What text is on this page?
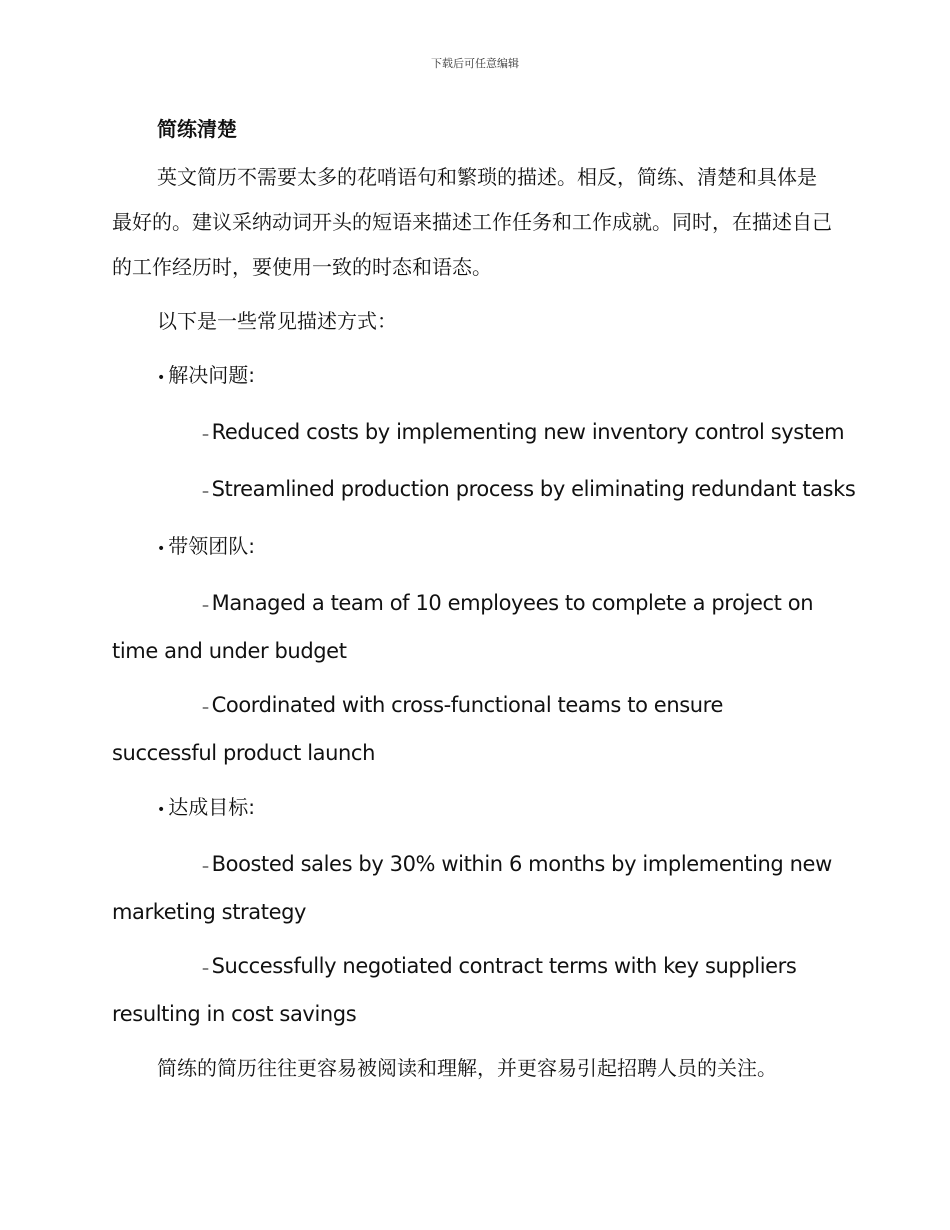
下载后可任意编辑
简练清楚

英文简历不需要太多的花哨语句和繁琐的描述。相反，简练、清楚和具体是最好的。建议采纳动词开头的短语来描述工作任务和工作成就。同时，在描述自己的工作经历时，要使用一致的时态和语态。

以下是一些常见描述方式：

• 解决问题:

– Reduced costs by implementing new inventory control system

– Streamlined production process by eliminating redundant tasks

• 带领团队:

– Managed a team of 10 employees to complete a project on time and under budget

– Coordinated with cross-functional teams to ensure successful product launch

• 达成目标:

– Boosted sales by 30% within 6 months by implementing new marketing strategy

– Successfully negotiated contract terms with key suppliers resulting in cost savings

简练的简历往往更容易被阅读和理解，并更容易引起招聘人员的关注。
